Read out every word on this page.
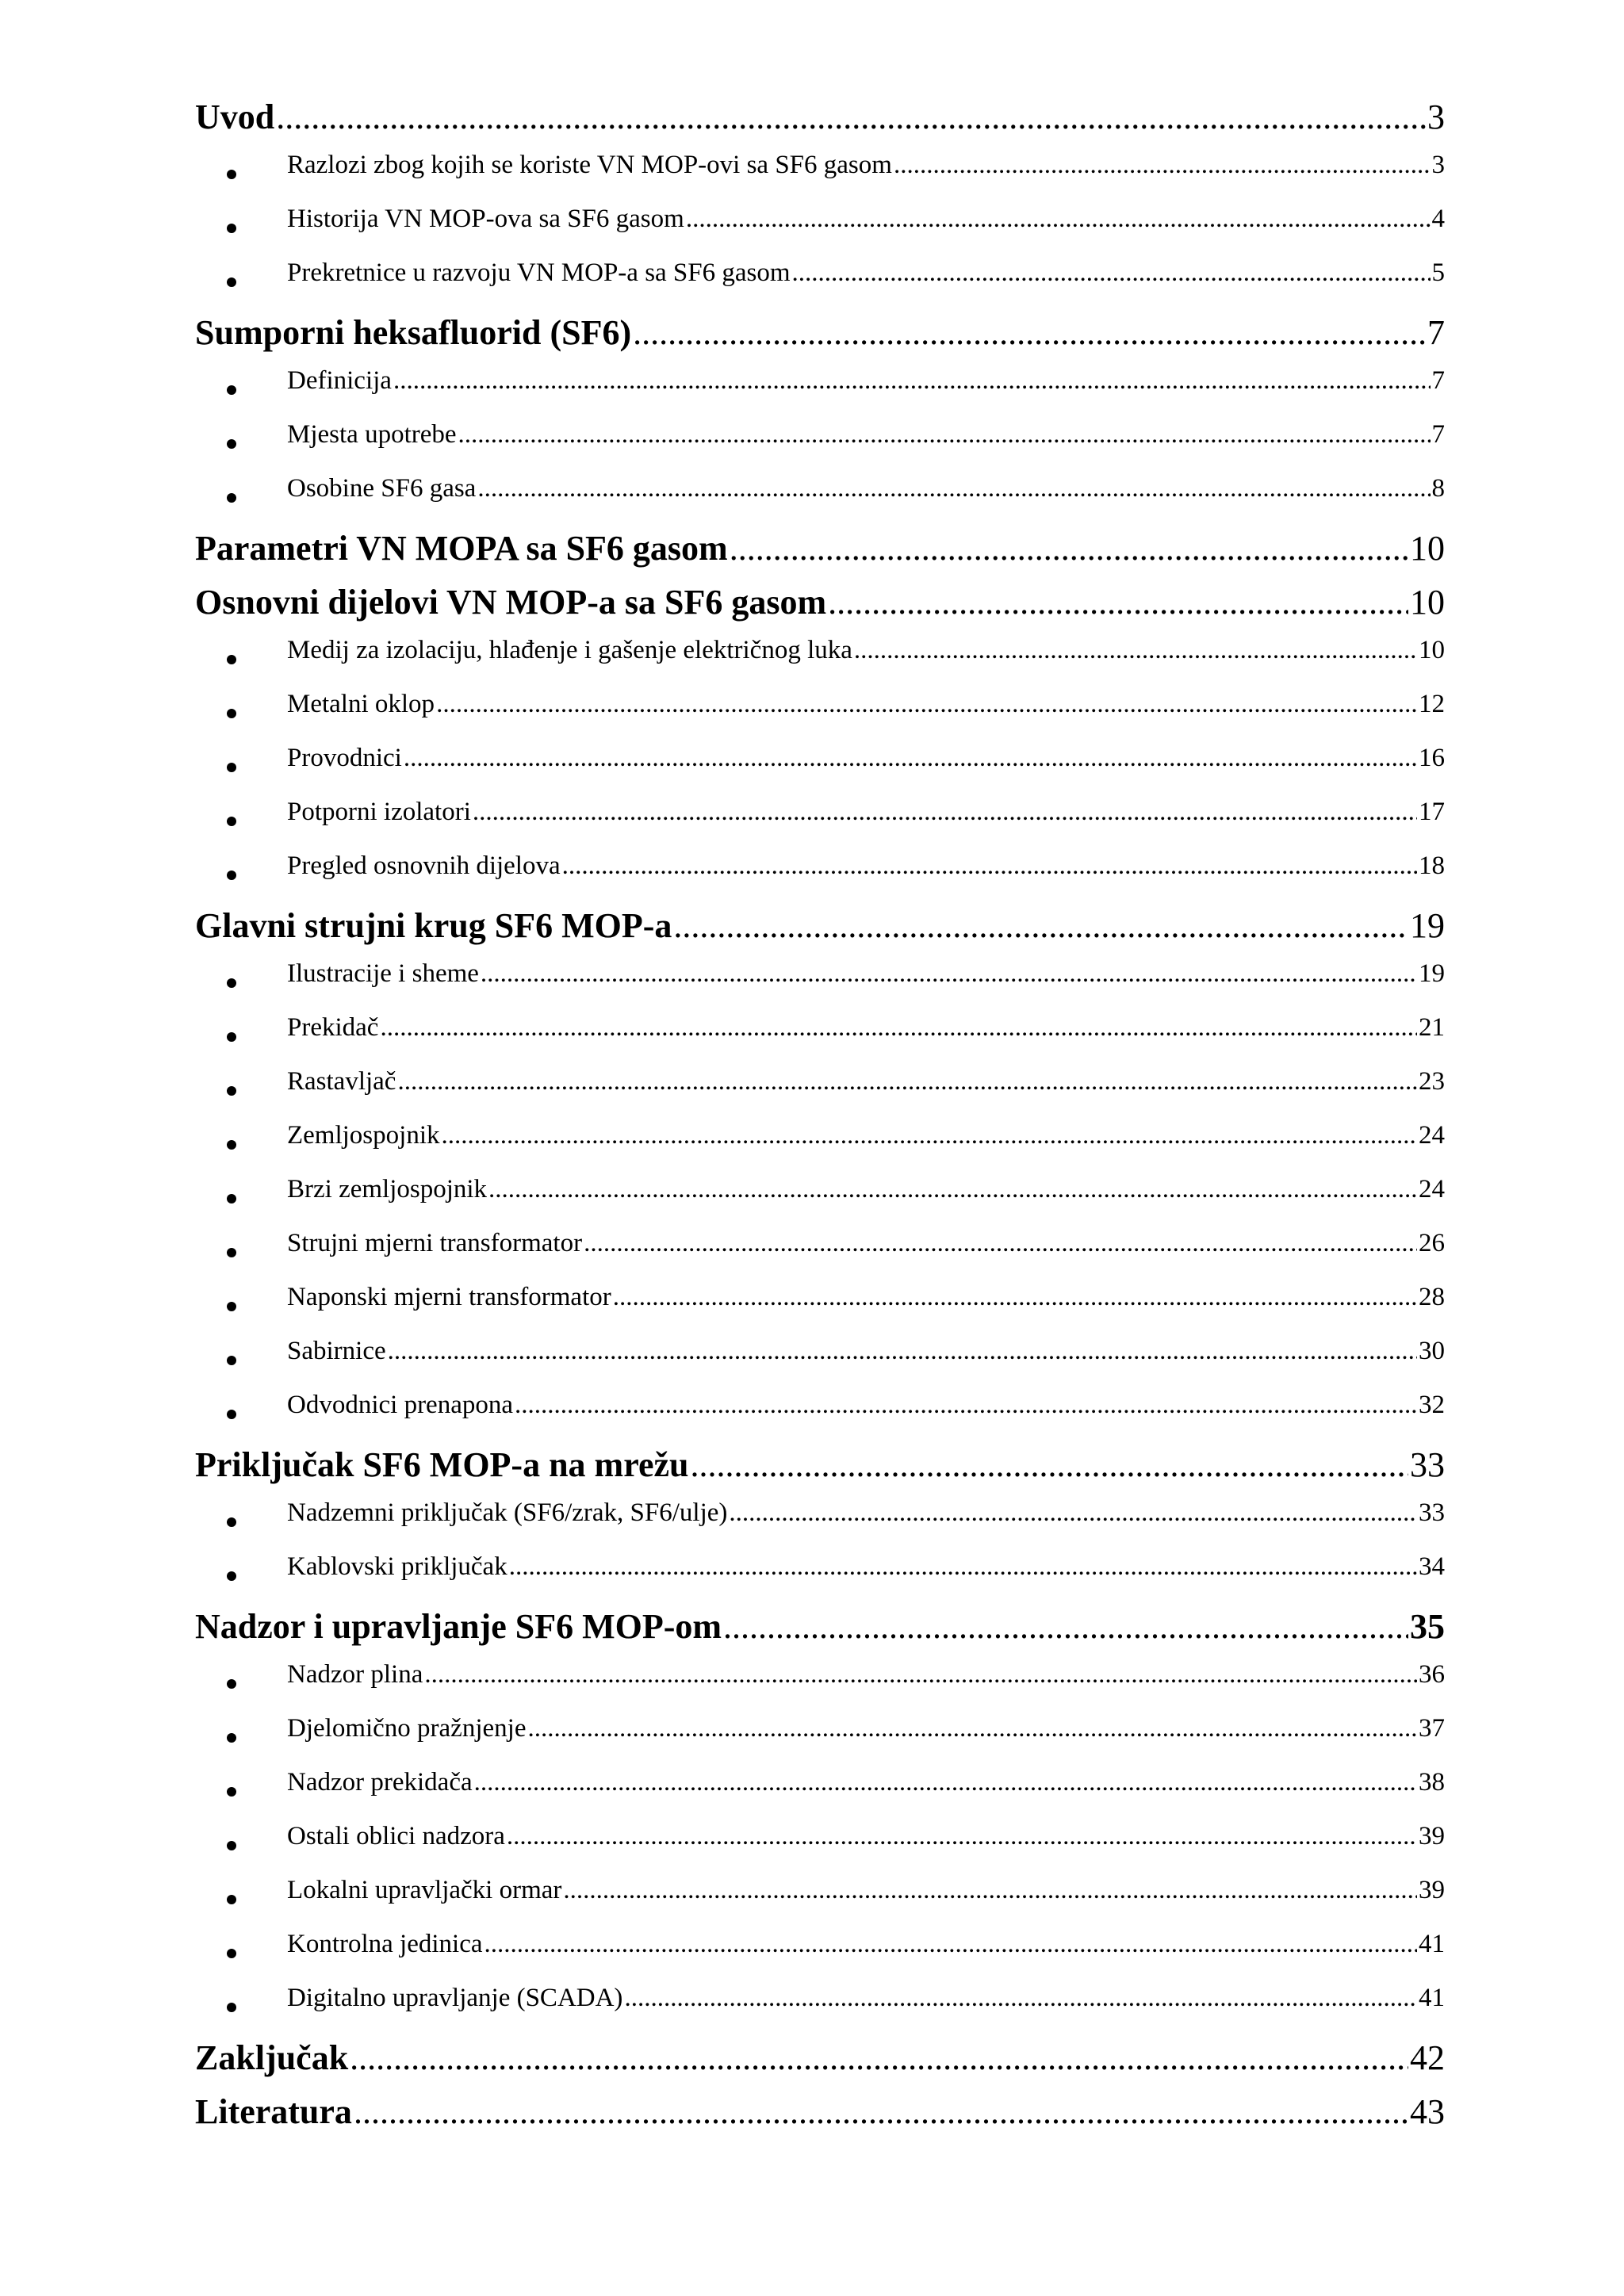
Uvod .....	3
Razlozi zbog kojih se koriste VN MOP-ovi sa SF6 gasom .....	3
Historija VN MOP-ova sa SF6 gasom .....	4
Prekretnice u razvoju VN MOP-a sa SF6 gasom .....	5
Sumporni heksafluorid (SF6) .....	7
Definicija .....	7
Mjesta upotrebe .....	7
Osobine SF6 gasa .....	8
Parametri VN MOPA sa SF6 gasom .....	10
Osnovni dijelovi VN MOP-a sa SF6 gasom .....	10
Medij za izolaciju, hlađenje i gašenje električnog luka .....	10
Metalni oklop .....	12
Provodnici .....	16
Potporni izolatori .....	17
Pregled osnovnih dijelova .....	18
Glavni strujni krug SF6 MOP-a .....	19
Ilustracije i sheme .....	19
Prekidač .....	21
Rastavljač .....	23
Zemljospojnik .....	24
Brzi zemljospojnik .....	24
Strujni mjerni transformator .....	26
Naponski mjerni transformator .....	28
Sabirnice .....	30
Odvodnici prenapona .....	32
Priključak SF6 MOP-a na mrežu .....	33
Nadzemni priključak (SF6/zrak, SF6/ulje) .....	33
Kablovski priključak .....	34
Nadzor i upravljanje SF6 MOP-om .....	35
Nadzor plina .....	36
Djelomično pražnjenje .....	37
Nadzor prekidača .....	38
Ostali oblici nadzora .....	39
Lokalni upravljački ormar .....	39
Kontrolna jedinica .....	41
Digitalno upravljanje (SCADA) .....	41
Zaključak .....	42
Literatura .....	43
